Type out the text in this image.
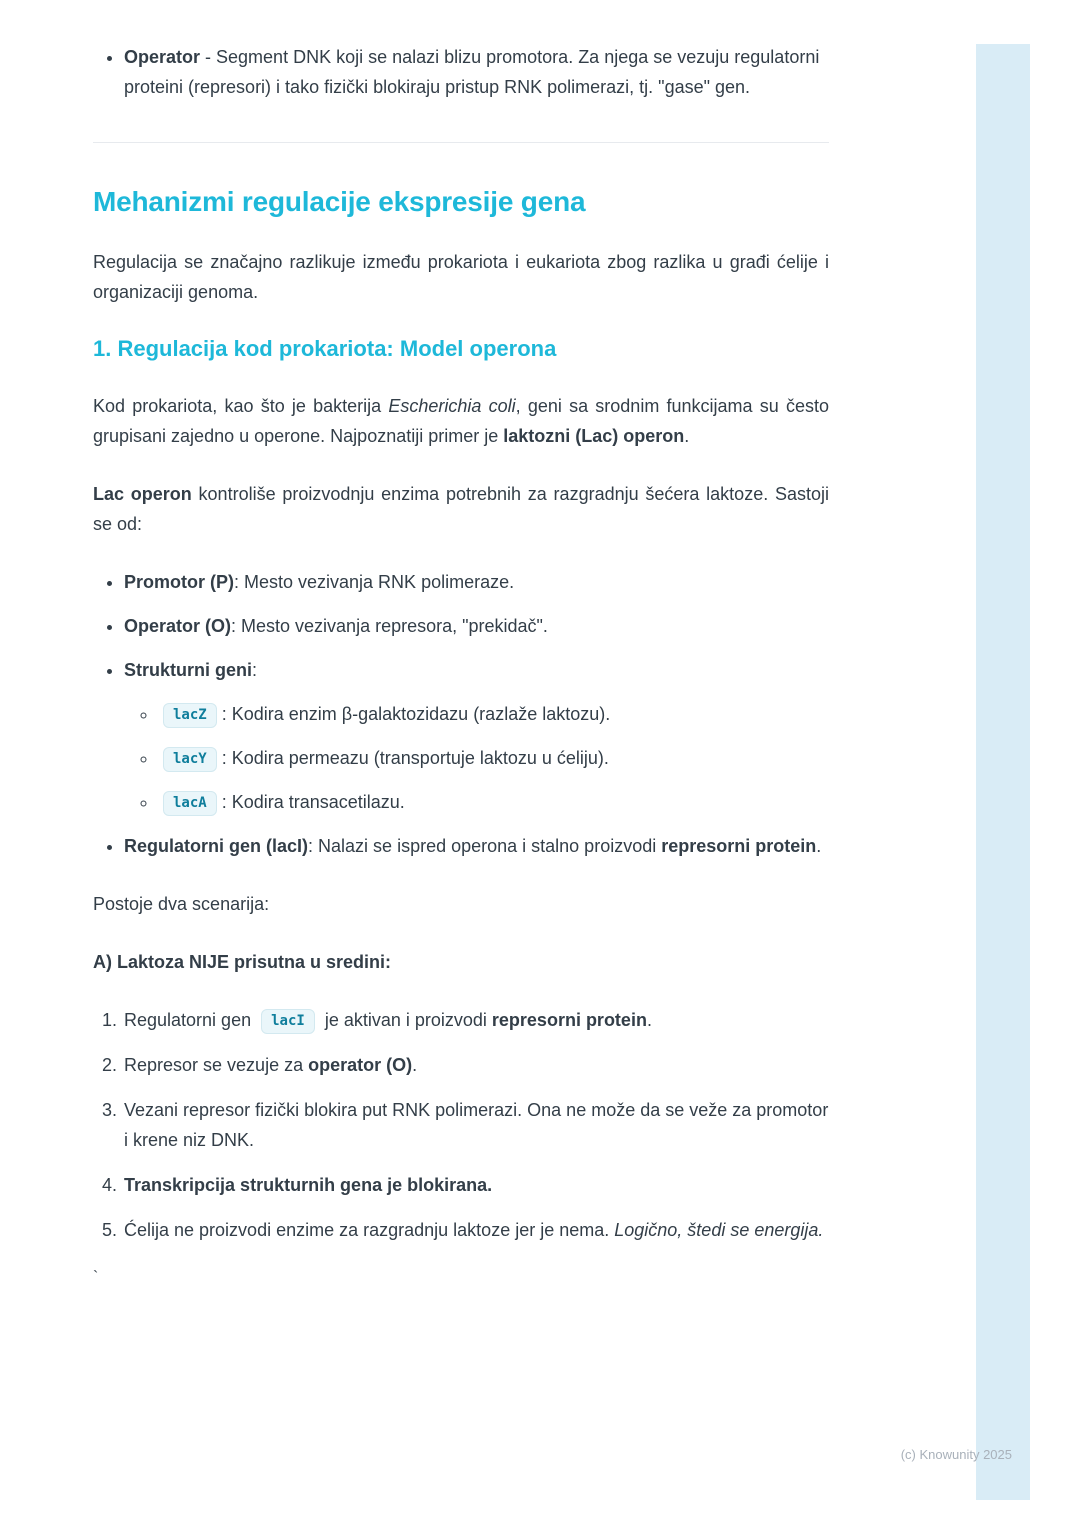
• Operator - Segment DNK koji se nalazi blizu promotora. Za njega se vezuju regulatorni proteini (represori) i tako fizički blokiraju pristup RNK polimerazi, tj. "gase" gen.
Mehanizmi regulacije ekspresije gena

Regulacija se značajno razlikuje između prokariota i eukariota zbog razlika u građi ćelije i organizaciji genoma.

1. Regulacija kod prokariota: Model operona

Kod prokariota, kao što je bakterija Escherichia coli, geni sa srodnim funkcijama su često grupisani zajedno u operone. Najpoznatiji primer je laktozni (Lac) operon.

Lac operon kontroliše proizvodnju enzima potrebnih za razgradnju šećera laktoze. Sastoji se od:

• Promotor (P): Mesto vezivanja RNK polimeraze.
• Operator (O): Mesto vezivanja represora, "prekidač".
• Strukturni geni:
◦ lacZ : Kodira enzim β-galaktozidazu (razlaže laktozu).
◦ lacY : Kodira permeazu (transportuje laktozu u ćeliju).
◦ lacA : Kodira transacetilazu.
• Regulatorni gen (lacI): Nalazi se ispred operona i stalno proizvodi represorni protein.

Postoje dva scenarija:

A) Laktoza NIJE prisutna u sredini:

1. Regulatorni gen lacI je aktivan i proizvodi represorni protein.
2. Represor se vezuje za operator (O).
3. Vezani represor fizički blokira put RNK polimerazi. Ona ne može da se veže za promotor i krene niz DNK.
4. Transkripcija strukturnih gena je blokirana.
5. Ćelija ne proizvodi enzime za razgradnju laktoze jer je nema. Logično, štedi se energija.
`
(c) Knowunity 2025
